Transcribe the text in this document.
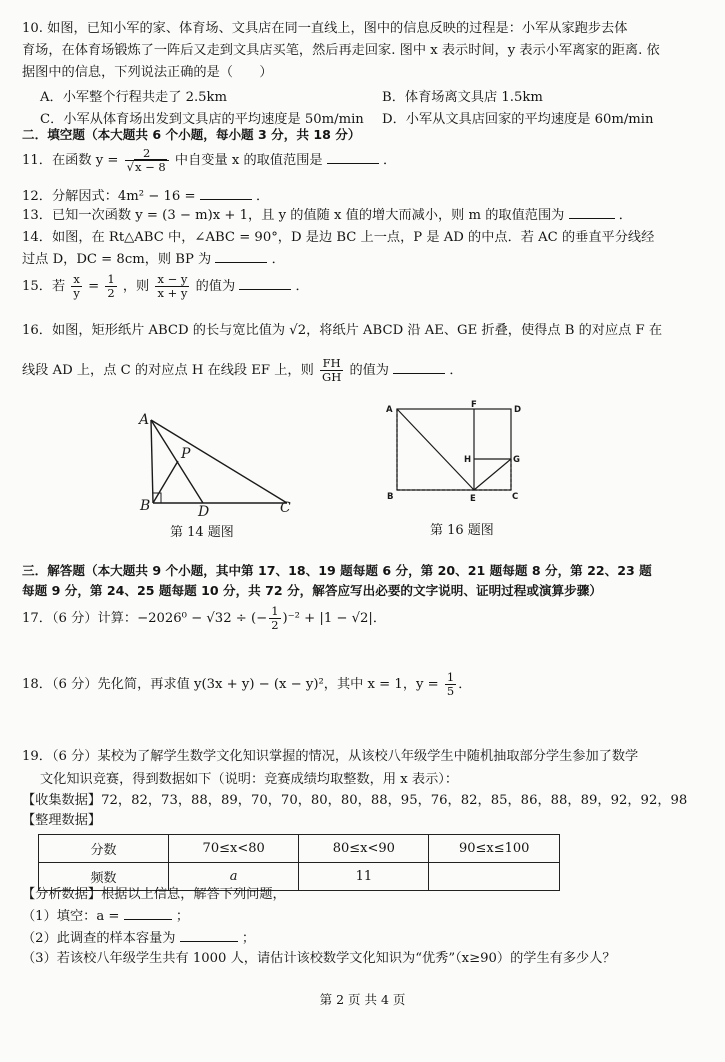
10. 如图，已知小军的家、体育场、文具店在同一直线上，图中的信息反映的过程是：小军从家跑步去体
育场，在体育场锻炼了一阵后又走到文具店买笔，然后再走回家. 图中 x 表示时间，y 表示小军离家的距离. 依
据图中的信息，下列说法正确的是（　　）
A．小军整个行程共走了 2.5km	B．体育场离文具店 1.5km
C．小军从体育场出发到文具店的平均速度是 50m/min D．小军从文具店回家的平均速度是 60m/min
二．填空题（本大题共 6 个小题，每小题 3 分，共 18 分）
11．在函数 $y = \frac{2}{√x - 8}$ 中自变量 x 的取值范围是	．
12．分解因式：4m² − 16 =	．
13．已知一次函数 y = (3 − m)x + 1，且 y 的值随 x 值的增大而减小，则 m 的取值范围为	．
14．如图，在 Rt△ABC 中，∠ABC = 90°，D 是边 BC 上一点，P 是 AD 的中点．若 AC 的垂直平分线经
过点 D，DC = 8cm，则 BP 为	．
15．若 $\frac{x}{y} = \frac{1}{2}$ ，则 $\frac{x - y}{x + y}$ 的值为	．
16．如图，矩形纸片 ABCD 的长与宽比值为 √2，将纸片 ABCD 沿 AE、GE 折叠，使得点 B 的对应点 F 在
线段 AD 上，点 C 的对应点 H 在线段 EF 上，则 $\frac{FH}{GH}$ 的值为	．
A
P
B	D	C
第 14 题图
A	F	D
H	G
B	E	C
第 16 题图
三．解答题（本大题共 9 个小题，其中第 17、18、19 题每题 6 分，第 20、21 题每题 8 分，第 22、23 题
每题 9 分，第 24、25 题每题 10 分，共 72 分，解答应写出必要的文字说明、证明过程或演算步骤）
17．（6 分）计算：−2026⁰ − √32 ÷ (− $\frac{1}{2} )^{-2} + |1 - √2|$．
18．（6 分）先化简，再求值 y(3x + y) − (x − y)²，其中 x = 1，$y = \frac{1}{5}$ ．
19．（6 分）某校为了解学生数学文化知识掌握的情况，从该校八年级学生中随机抽取部分学生参加了数学
文化知识竞赛，得到数据如下（说明：竞赛成绩均取整数，用 x 表示）：
【收集数据】72，82，73，88，89，70，70，80，80，88，95，76，82，85，86，88，89，92，92，98
【整理数据】
分数	70≤x<80	80≤x<90	90≤x≤100
频数	a	11	
【分析数据】根据以上信息，解答下列问题，
（1）填空：a =	；
（2）此调查的样本容量为	；
（3）若该校八年级学生共有 1000 人，请估计该校数学文化知识为“优秀”（x≥90）的学生有多少人？
第 2 页 共 4 页
